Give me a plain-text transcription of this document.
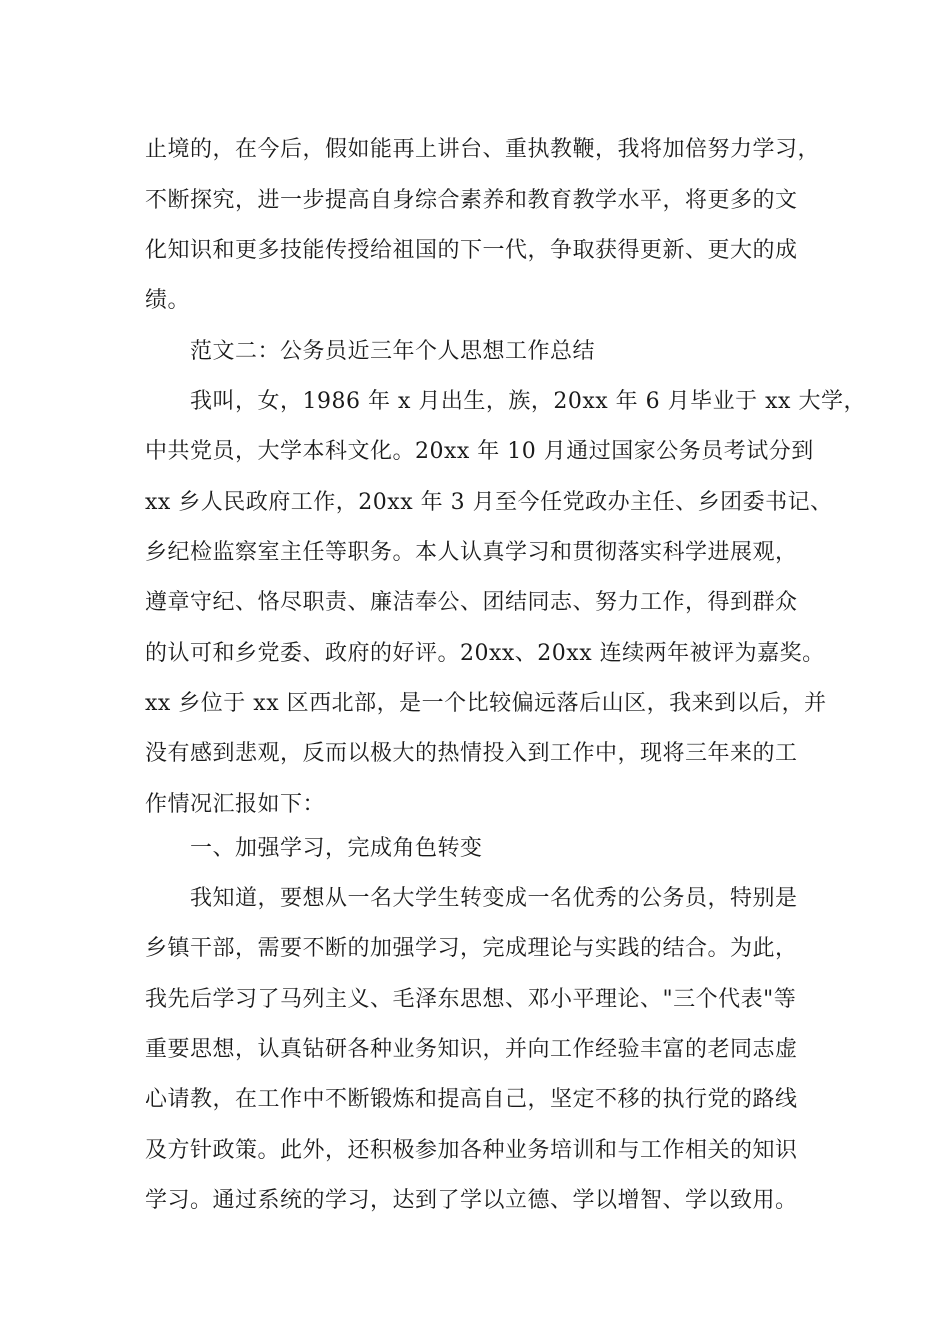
止境的，在今后，假如能再上讲台、重执教鞭，我将加倍努力学习，
不断探究，进一步提高自身综合素养和教育教学水平，将更多的文
化知识和更多技能传授给祖国的下一代，争取获得更新、更大的成
绩。
范文二：公务员近三年个人思想工作总结
我叫，女，1986 年 x 月出生，族，20xx 年 6 月毕业于 xx 大学，
中共党员，大学本科文化。20xx 年 10 月通过国家公务员考试分到
xx 乡人民政府工作，20xx 年 3 月至今任党政办主任、乡团委书记、
乡纪检监察室主任等职务。本人认真学习和贯彻落实科学进展观，
遵章守纪、恪尽职责、廉洁奉公、团结同志、努力工作，得到群众
的认可和乡党委、政府的好评。20xx、20xx 连续两年被评为嘉奖。
xx 乡位于 xx 区西北部，是一个比较偏远落后山区，我来到以后，并
没有感到悲观，反而以极大的热情投入到工作中，现将三年来的工
作情况汇报如下：
一、加强学习，完成角色转变
我知道，要想从一名大学生转变成一名优秀的公务员，特别是
乡镇干部，需要不断的加强学习，完成理论与实践的结合。为此，
我先后学习了马列主义、毛泽东思想、邓小平理论、"三个代表"等
重要思想，认真钻研各种业务知识，并向工作经验丰富的老同志虚
心请教，在工作中不断锻炼和提高自己，坚定不移的执行党的路线
及方针政策。此外，还积极参加各种业务培训和与工作相关的知识
学习。通过系统的学习，达到了学以立德、学以增智、学以致用。
